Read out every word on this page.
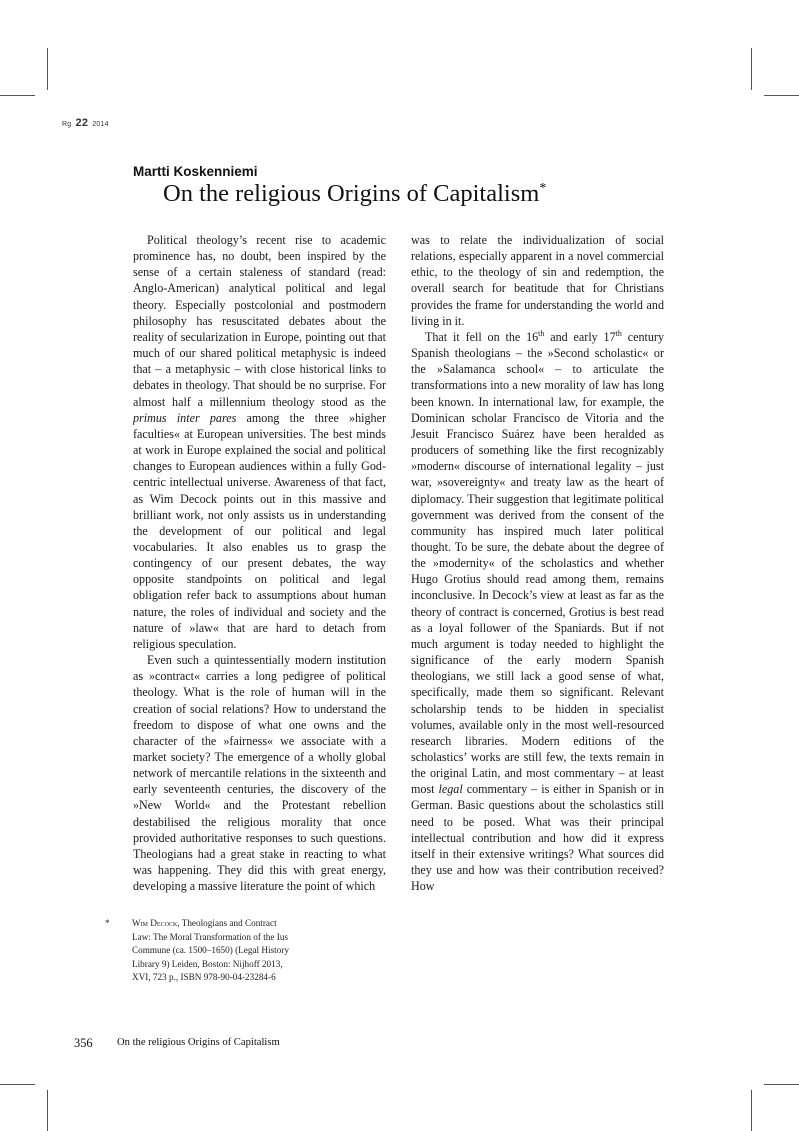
Rg 22 2014
Martti Koskenniemi
On the religious Origins of Capitalism*

Political theology’s recent rise to academic prominence has, no doubt, been inspired by the sense of a certain staleness of standard (read: Anglo-American) analytical political and legal theory. Especially postcolonial and postmodern philosophy has resuscitated debates about the reality of secularization in Europe, pointing out that much of our shared political metaphysic is indeed that – a metaphysic – with close historical links to debates in theology. That should be no surprise. For almost half a millennium theology stood as the primus inter pares among the three »higher faculties« at European universities. The best minds at work in Europe explained the social and political changes to European audiences within a fully God-centric intellectual universe. Awareness of that fact, as Wim Decock points out in this massive and brilliant work, not only assists us in understanding the development of our political and legal vocabularies. It also enables us to grasp the contingency of our present debates, the way opposite standpoints on political and legal obligation refer back to assumptions about human nature, the roles of individual and society and the nature of »law« that are hard to detach from religious speculation.

Even such a quintessentially modern institution as »contract« carries a long pedigree of political theology. What is the role of human will in the creation of social relations? How to understand the freedom to dispose of what one owns and the character of the »fairness« we associate with a market society? The emergence of a wholly global network of mercantile relations in the sixteenth and early seventeenth centuries, the discovery of the »New World« and the Protestant rebellion destabilised the religious morality that once provided authoritative responses to such questions. Theologians had a great stake in reacting to what was happening. They did this with great energy, developing a massive literature the point of which

was to relate the individualization of social relations, especially apparent in a novel commercial ethic, to the theology of sin and redemption, the overall search for beatitude that for Christians provides the frame for understanding the world and living in it.

That it fell on the 16th and early 17th century Spanish theologians – the »Second scholastic« or the »Salamanca school« – to articulate the transformations into a new morality of law has long been known. In international law, for example, the Dominican scholar Francisco de Vitoria and the Jesuit Francisco Suárez have been heralded as producers of something like the first recognizably »modern« discourse of international legality – just war, »sovereignty« and treaty law as the heart of diplomacy. Their suggestion that legitimate political government was derived from the consent of the community has inspired much later political thought. To be sure, the debate about the degree of the »modernity« of the scholastics and whether Hugo Grotius should read among them, remains inconclusive. In Decock’s view at least as far as the theory of contract is concerned, Grotius is best read as a loyal follower of the Spaniards. But if not much argument is today needed to highlight the significance of the early modern Spanish theologians, we still lack a good sense of what, specifically, made them so significant. Relevant scholarship tends to be hidden in specialist volumes, available only in the most well-resourced research libraries. Modern editions of the scholastics’ works are still few, the texts remain in the original Latin, and most commentary – at least most legal commentary – is either in Spanish or in German. Basic questions about the scholastics still need to be posed. What was their principal intellectual contribution and how did it express itself in their extensive writings? What sources did they use and how was their contribution received? How

* Wim Decock, Theologians and Contract Law: The Moral Transformation of the Ius Commune (ca. 1500–1650) (Legal History Library 9) Leiden, Boston: Nijhoff 2013, XVI, 723 p., ISBN 978-90-04-23284-6
356 On the religious Origins of Capitalism
